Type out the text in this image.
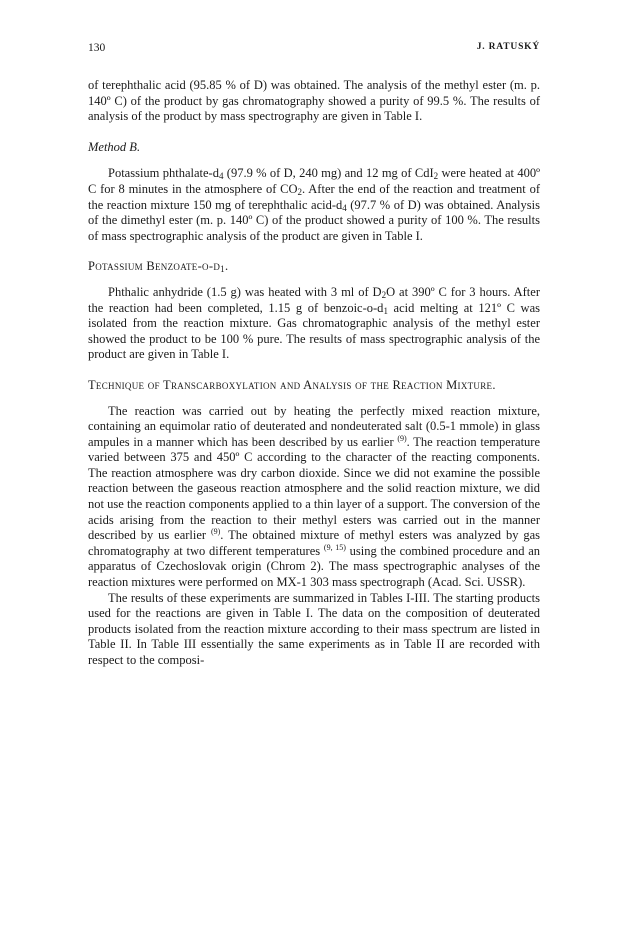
130	J. RATUSKÝ

of terephthalic acid (95.85 % of D) was obtained. The analysis of the methyl ester (m. p. 140º C) of the product by gas chromatography showed a purity of 99.5 %. The results of analysis of the product by mass spectrography are given in Table I.

Method B.

Potassium phthalate-$d_4$ (97.9 % of D, 240 mg) and 12 mg of CdI$_2$ were heated at 400º C for 8 minutes in the atmosphere of $CO_2$. After the end of the reaction and treatment of the reaction mixture 150 mg of terephthalic acid-$d_4$ (97.7 % of D) was obtained. Analysis of the dimethyl ester (m. p. 140º C) of the product showed a purity of 100 %. The results of mass spectrographic analysis of the product are given in Table I.

Potassium Benzoate-$o-d_1$.

Phthalic anhydride (1.5 g) was heated with 3 ml of $D_2O$ at 390º C for 3 hours. After the reaction had been completed, 1.15 g of benzoic-$o-d_1$ acid melting at 121º C was isolated from the reaction mixture. Gas chromatographic analysis of the methyl ester showed the product to be 100 % pure. The results of mass spectrographic analysis of the product are given in Table I.

Technique of Transcarboxylation and Analysis of the Reaction Mixture.

The reaction was carried out by heating the perfectly mixed reaction mixture, containing an equimolar ratio of deuterated and nondeuterated salt (0.5-1 mmole) in glass ampules in a manner which has been described by us earlier $^{(9)}$. The reaction temperature varied between 375 and 450º C according to the character of the reacting components. The reaction atmosphere was dry carbon dioxide. Since we did not examine the possible reaction between the gaseous reaction atmosphere and the solid reaction mixture, we did not use the reaction components applied to a thin layer of a support. The conversion of the acids arising from the reaction to their methyl esters was carried out in the manner described by us earlier $^{(9)}$. The obtained mixture of methyl esters was analyzed by gas chromatography at two different temperatures $^{(9, 15)}$ using the combined procedure and an apparatus of Czechoslovak origin (Chrom 2). The mass spectrographic analyses of the reaction mixtures were performed on MX-1 303 mass spectrograph (Acad. Sci. USSR).

The results of these experiments are summarized in Tables I-III. The starting products used for the reactions are given in Table I. The data on the composition of deuterated products isolated from the reaction mixture according to their mass spectrum are listed in Table II. In Table III essentially the same experiments as in Table II are recorded with respect to the composi-
